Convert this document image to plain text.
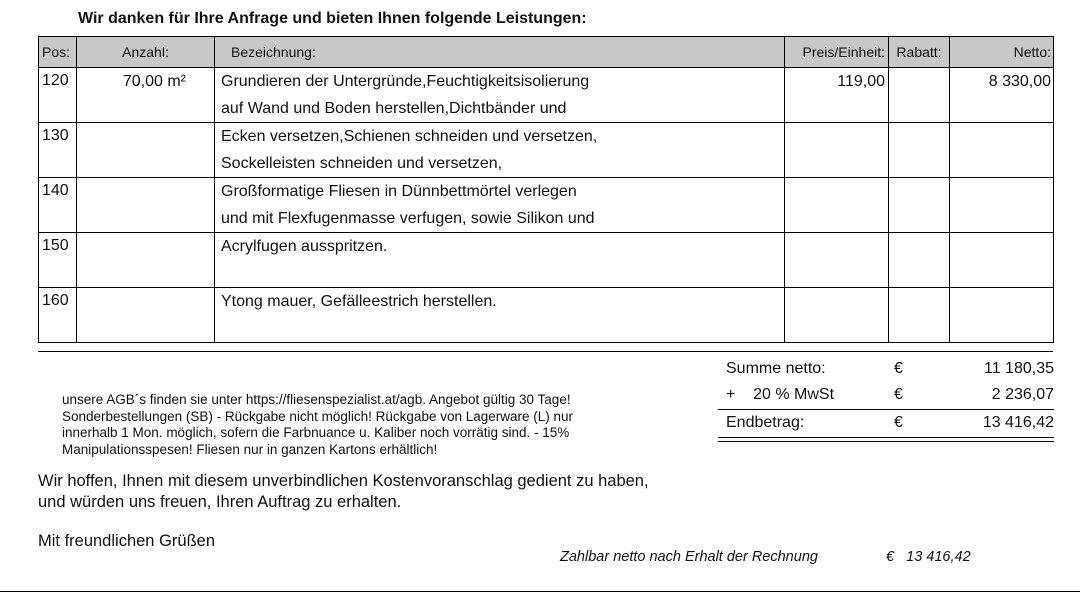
Wir danken für Ihre Anfrage und bieten Ihnen folgende Leistungen:
Pos:	Anzahl:	Bezeichnung:	Preis/Einheit:	Rabatt:	Netto:

120	70,00 m²	Grundieren der Untergründe,Feuchtigkeitsisolierung
auf Wand und Boden herstellen,Dichtbänder und	119,00		8 330,00

130		Ecken versetzen,Schienen schneiden und versetzen,
Sockelleisten schneiden und versetzen,			

140		Großformatige Fliesen in Dünnbettmörtel verlegen
und mit Flexfugenmasse verfugen, sowie Silikon und			

150		Acrylfugen ausspritzen.			

160		Ytong mauer, Gefälleestrich herstellen.			

Summe netto:	€	11 180,35
+    20 % MwSt	€	2 236,07
Endbetrag:	€	13 416,42
unsere AGB´s finden sie unter https://fliesenspezialist.at/agb. Angebot gültig 30 Tage!
Sonderbestellungen (SB) - Rückgabe nicht möglich! Rückgabe von Lagerware (L) nur
innerhalb 1 Mon. möglich, sofern die Farbnuance u. Kaliber noch vorrätig sind. - 15%
Manipulationsspesen! Fliesen nur in ganzen Kartons erhältlich!
Wir hoffen, Ihnen mit diesem unverbindlichen Kostenvoranschlag gedient zu haben,
und würden uns freuen, Ihren Auftrag zu erhalten.
Mit freundlichen Grüßen
Zahlbar netto nach Erhalt der Rechnung	€   13 416,42
